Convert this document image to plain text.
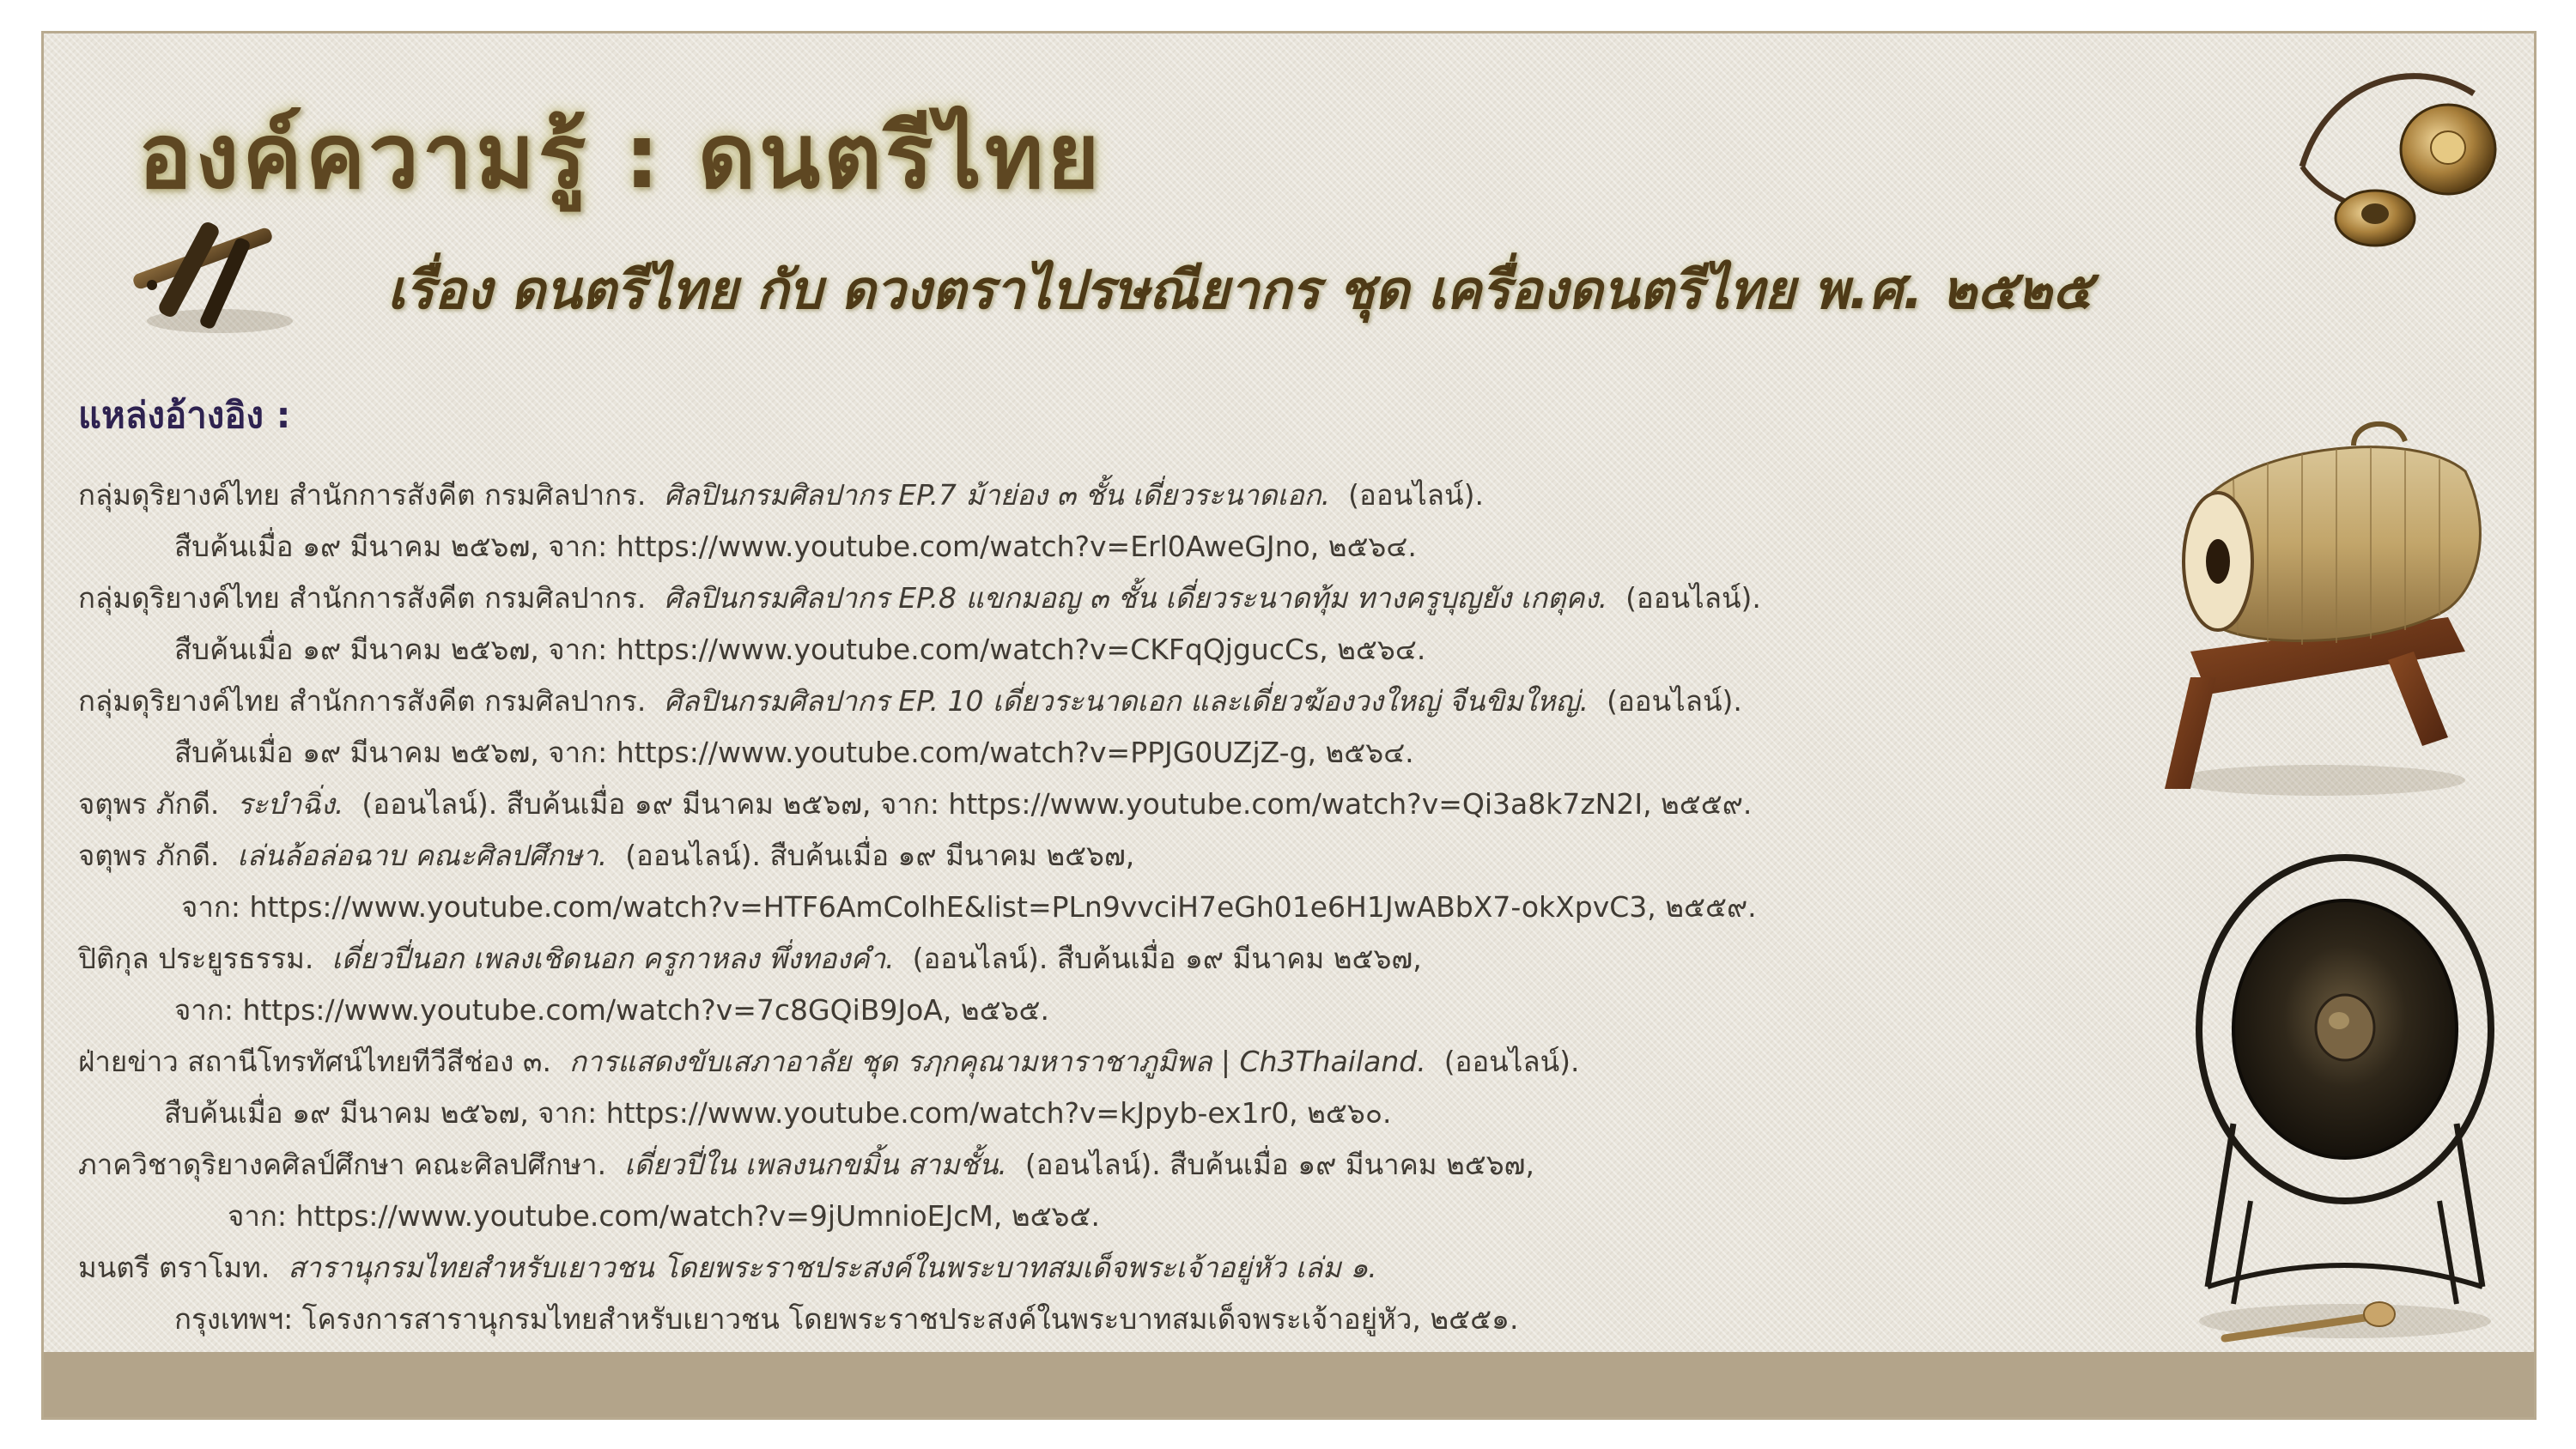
องค์ความรู้ : ดนตรีไทย
เรื่อง ดนตรีไทย กับ ดวงตราไปรษณียากร ชุด เครื่องดนตรีไทย พ.ศ. ๒๕๒๕
แหล่งอ้างอิง :
กลุ่มดุริยางค์ไทย สำนักการสังคีต กรมศิลปากร. ศิลปินกรมศิลปากร EP.7 ม้าย่อง ๓ ชั้น เดี่ยวระนาดเอก. (ออนไลน์).
สืบค้นเมื่อ ๑๙ มีนาคม ๒๕๖๗, จาก: https://www.youtube.com/watch?v=Erl0AweGJno, ๒๕๖๔.
กลุ่มดุริยางค์ไทย สำนักการสังคีต กรมศิลปากร. ศิลปินกรมศิลปากร EP.8 แขกมอญ ๓ ชั้น เดี่ยวระนาดทุ้ม ทางครูบุญยัง เกตุคง. (ออนไลน์).
สืบค้นเมื่อ ๑๙ มีนาคม ๒๕๖๗, จาก: https://www.youtube.com/watch?v=CKFqQjgucCs, ๒๕๖๔.
กลุ่มดุริยางค์ไทย สำนักการสังคีต กรมศิลปากร. ศิลปินกรมศิลปากร EP. 10 เดี่ยวระนาดเอก และเดี่ยวฆ้องวงใหญ่ จีนขิมใหญ่. (ออนไลน์).
สืบค้นเมื่อ ๑๙ มีนาคม ๒๕๖๗, จาก: https://www.youtube.com/watch?v=PPJG0UZjZ-g, ๒๕๖๔.
จตุพร ภักดี. ระบำฉิ่ง. (ออนไลน์). สืบค้นเมื่อ ๑๙ มีนาคม ๒๕๖๗, จาก: https://www.youtube.com/watch?v=Qi3a8k7zN2I, ๒๕๕๙.
จตุพร ภักดี. เล่นล้อล่อฉาบ คณะศิลปศึกษา. (ออนไลน์). สืบค้นเมื่อ ๑๙ มีนาคม ๒๕๖๗,
จาก: https://www.youtube.com/watch?v=HTF6AmColhE&list=PLn9vvciH7eGh01e6H1JwABbX7-okXpvC3, ๒๕๕๙.
ปิติกุล ประยูรธรรม. เดี่ยวปี่นอก เพลงเชิดนอก ครูกาหลง พึ่งทองคำ. (ออนไลน์). สืบค้นเมื่อ ๑๙ มีนาคม ๒๕๖๗,
จาก: https://www.youtube.com/watch?v=7c8GQiB9JoA, ๒๕๖๕.
ฝ่ายข่าว สถานีโทรทัศน์ไทยทีวีสีช่อง ๓. การแสดงขับเสภาอาลัย ชุด รฦกคุณามหาราชาภูมิพล | Ch3Thailand. (ออนไลน์).
สืบค้นเมื่อ ๑๙ มีนาคม ๒๕๖๗, จาก: https://www.youtube.com/watch?v=kJpyb-ex1r0, ๒๕๖๐.
ภาควิชาดุริยางคศิลป์ศึกษา คณะศิลปศึกษา. เดี่ยวปี่ใน เพลงนกขมิ้น สามชั้น. (ออนไลน์). สืบค้นเมื่อ ๑๙ มีนาคม ๒๕๖๗,
จาก: https://www.youtube.com/watch?v=9jUmnioEJcM, ๒๕๖๕.
มนตรี ตราโมท. สารานุกรมไทยสำหรับเยาวชน โดยพระราชประสงค์ในพระบาทสมเด็จพระเจ้าอยู่หัว เล่ม ๑.
กรุงเทพฯ: โครงการสารานุกรมไทยสำหรับเยาวชน โดยพระราชประสงค์ในพระบาทสมเด็จพระเจ้าอยู่หัว, ๒๕๕๑.
